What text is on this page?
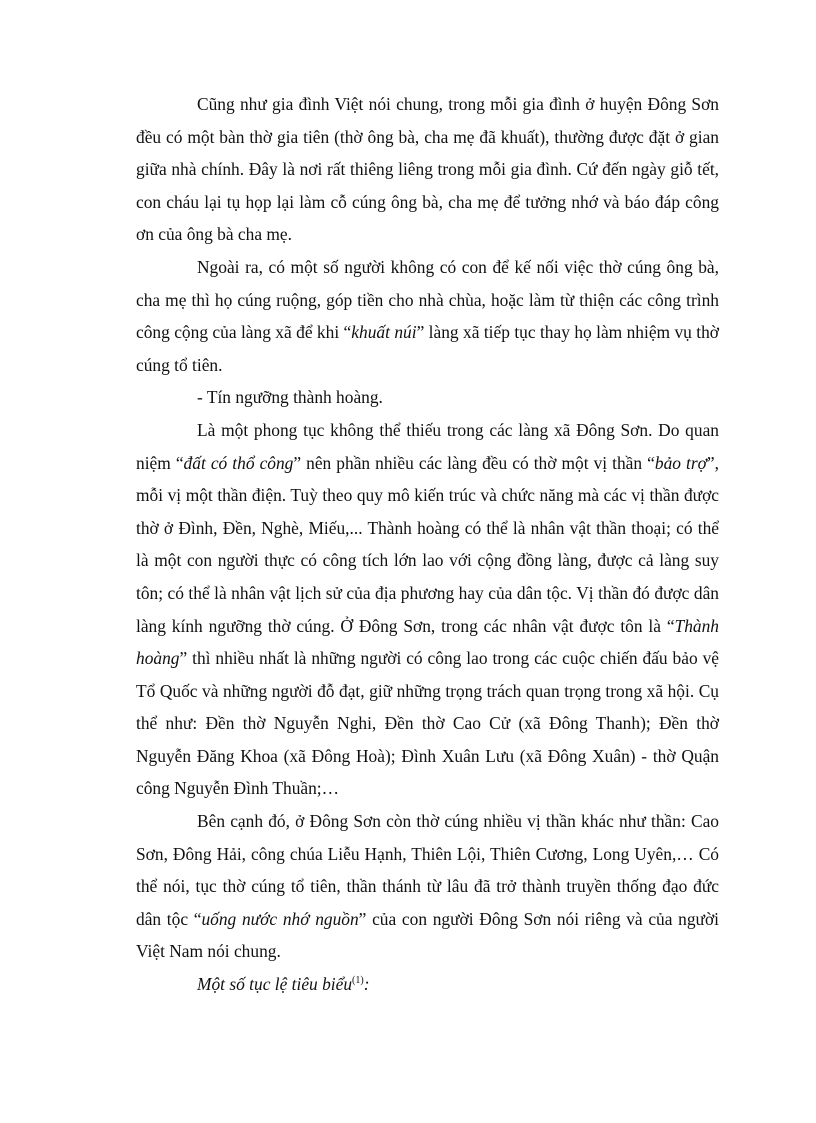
Cũng như gia đình Việt nói chung, trong mỗi gia đình ở huyện Đông Sơn đều có một bàn thờ gia tiên (thờ ông bà, cha mẹ đã khuất), thường được đặt ở gian giữa nhà chính. Đây là nơi rất thiêng liêng trong mỗi gia đình. Cứ đến ngày giỗ tết, con cháu lại tụ họp lại làm cỗ cúng ông bà, cha mẹ để tưởng nhớ và báo đáp công ơn của ông bà cha mẹ.

Ngoài ra, có một số người không có con để kế nối việc thờ cúng ông bà, cha mẹ thì họ cúng ruộng, góp tiền cho nhà chùa, hoặc làm từ thiện các công trình công cộng của làng xã để khi “khuất núi” làng xã tiếp tục thay họ làm nhiệm vụ thờ cúng tổ tiên.

- Tín ngưỡng thành hoàng.

Là một phong tục không thể thiếu trong các làng xã Đông Sơn. Do quan niệm “đất có thổ công” nên phần nhiều các làng đều có thờ một vị thần “bảo trợ”, mỗi vị một thần điện. Tuỳ theo quy mô kiến trúc và chức năng mà các vị thần được thờ ở Đình, Đền, Nghè, Miếu,... Thành hoàng có thể là nhân vật thần thoại; có thể là một con người thực có công tích lớn lao với cộng đồng làng, được cả làng suy tôn; có thể là nhân vật lịch sử của địa phương hay của dân tộc. Vị thần đó được dân làng kính ngưỡng thờ cúng. Ở Đông Sơn, trong các nhân vật được tôn là “Thành hoàng” thì nhiều nhất là những người có công lao trong các cuộc chiến đấu bảo vệ Tổ Quốc và những người đỗ đạt, giữ những trọng trách quan trọng trong xã hội. Cụ thể như: Đền thờ Nguyễn Nghi, Đền thờ Cao Cử (xã Đông Thanh); Đền thờ Nguyễn Đăng Khoa (xã Đông Hoà); Đình Xuân Lưu (xã Đông Xuân) - thờ Quận công Nguyễn Đình Thuần;…

Bên cạnh đó, ở Đông Sơn còn thờ cúng nhiều vị thần khác như thần: Cao Sơn, Đông Hải, công chúa Liễu Hạnh, Thiên Lội, Thiên Cương, Long Uyên,… Có thể nói, tục thờ cúng tổ tiên, thần thánh từ lâu đã trở thành truyền thống đạo đức dân tộc “uống nước nhớ nguồn” của con người Đông Sơn nói riêng và của người Việt Nam nói chung.

Một số tục lệ tiêu biểu$^{(1)}$:
